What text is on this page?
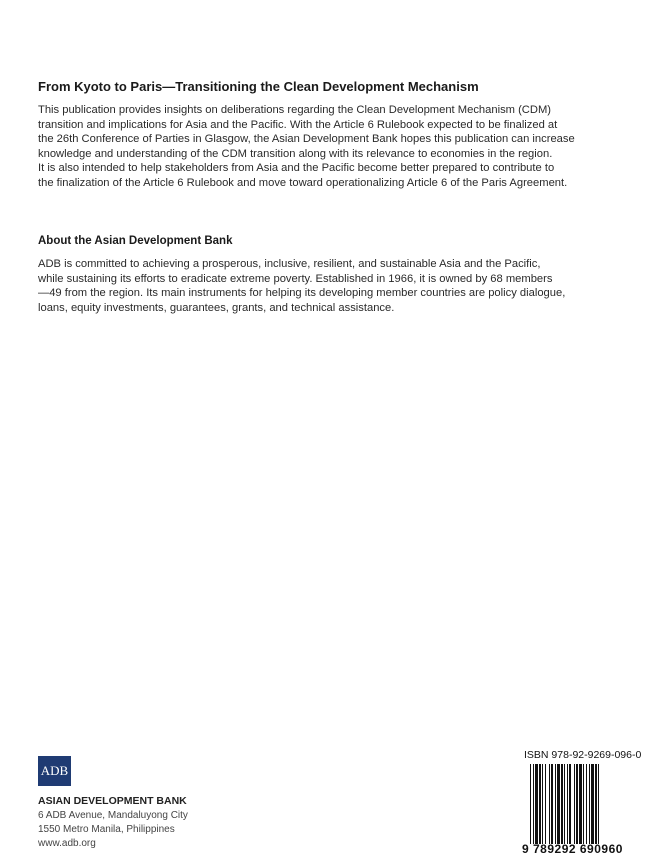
From Kyoto to Paris—Transitioning the Clean Development Mechanism
This publication provides insights on deliberations regarding the Clean Development Mechanism (CDM)
transition and implications for Asia and the Pacific. With the Article 6 Rulebook expected to be finalized at
the 26th Conference of Parties in Glasgow, the Asian Development Bank hopes this publication can increase
knowledge and understanding of the CDM transition along with its relevance to economies in the region.
It is also intended to help stakeholders from Asia and the Pacific become better prepared to contribute to
the finalization of the Article 6 Rulebook and move toward operationalizing Article 6 of the Paris Agreement.
About the Asian Development Bank
ADB is committed to achieving a prosperous, inclusive, resilient, and sustainable Asia and the Pacific,
while sustaining its efforts to eradicate extreme poverty. Established in 1966, it is owned by 68 members
—49 from the region. Its main instruments for helping its developing member countries are policy dialogue,
loans, equity investments, guarantees, grants, and technical assistance.
ADB
ASIAN DEVELOPMENT BANK
6 ADB Avenue, Mandaluyong City
1550 Metro Manila, Philippines
www.adb.org
ISBN 978-92-9269-096-0
9 789292 690960
